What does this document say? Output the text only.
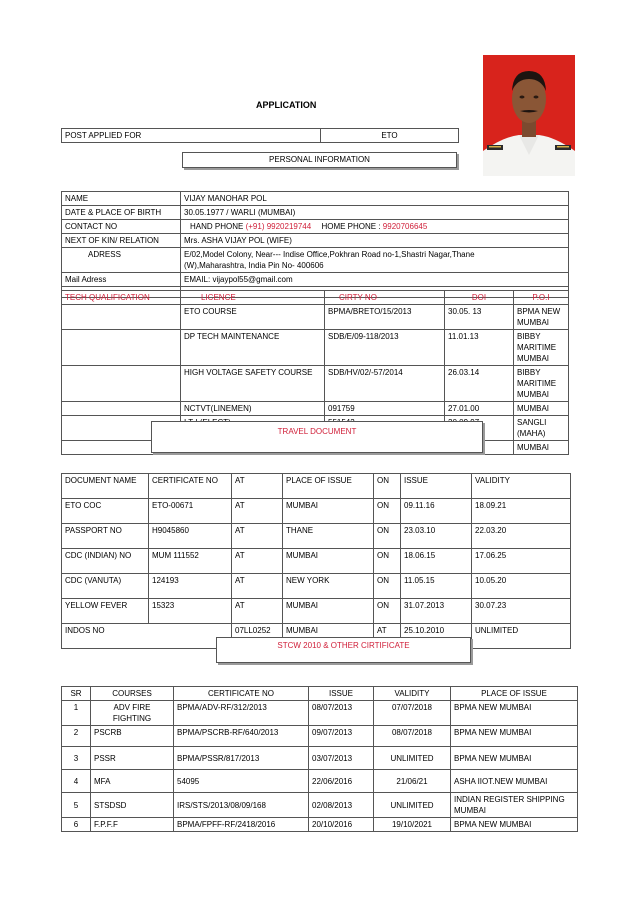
APPLICATION
POST APPLIED FOR	ETO
PERSONAL INFORMATION
NAME	VIJAY MANOHAR POL
DATE & PLACE OF BIRTH	30.05.1977 / WARLI (MUMBAI)
CONTACT NO	HAND PHONE (+91) 9920219744 HOME PHONE : 9920706645
NEXT OF KIN/ RELATION	Mrs. ASHA VIJAY POL (WIFE)
ADRESS	E/02,Model Colony, Near--- Indise Office,Pokhran Road no-1,Shastri Nagar,Thane
(W),Maharashtra, India Pin No- 400606

Mail Adress	EMAIL: vijaypol55@gmail.com

TECH QUALIFICATION	LICENCE	CIRTY NO	DOI	P.O.I
	ETO COURSE	BPMA/BRETO/15/2013	30.05. 13	BPMA NEW MUMBAI
	DP TECH MAINTENANCE	SDB/E/09-118/2013	11.01.13	BIBBY MARITIME MUMBAI
	HIGH VOLTAGE SAFETY COURSE	SDB/HV/02/-57/2014	26.03.14	BIBBY MARITIME MUMBAI
	NCTVT(LINEMEN)	091759	27.01.00	MUMBAI
				SANGLI (MAHA)
				MUMBAI
TRAVEL DOCUMENT
DOCUMENT NAME	CERTIFICATE NO	AT	PLACE OF ISSUE	ON	ISSUE	VALIDITY
ETO COC	ETO-00671	AT	MUMBAI	ON	09.11.16	18.09.21
PASSPORT NO	H9045860	AT	THANE	ON	23.03.10	22.03.20
CDC (INDIAN) NO	MUM 111552	AT	MUMBAI	ON	18.06.15	17.06.25
CDC (VANUTA)	124193	AT	NEW YORK	ON	11.05.15	10.05.20
YELLOW FEVER	15323	AT	MUMBAI	ON	31.07.2013	30.07.23
INDOS NO		07LL0252	MUMBAI	AT	25.10.2010	UNLIMITED
STCW 2010 & OTHER CIRTIFICATE
SR	COURSES	CERTIFICATE NO	ISSUE	VALIDITY	PLACE OF ISSUE
1	ADV FIRE FIGHTING	BPMA/ADV-RF/312/2013	08/07/2013	07/07/2018	BPMA NEW MUMBAI
2	PSCRB	BPMA/PSCRB-RF/640/2013	09/07/2013	08/07/2018	BPMA NEW MUMBAI
3	PSSR	BPMA/PSSR/817/2013	03/07/2013	UNLIMITED	BPMA NEW MUMBAI
4	MFA	54095	22/06/2016	21/06/21	ASHA IIOT.NEW MUMBAI
5	STSDSD	IRS/STS/2013/08/09/168	02/08/2013	UNLIMITED	INDIAN REGISTER SHIPPING MUMBAI
6	F.P.F.F	BPMA/FPFF-RF/2418/2016	20/10/2016	19/10/2021	BPMA NEW MUMBAI
